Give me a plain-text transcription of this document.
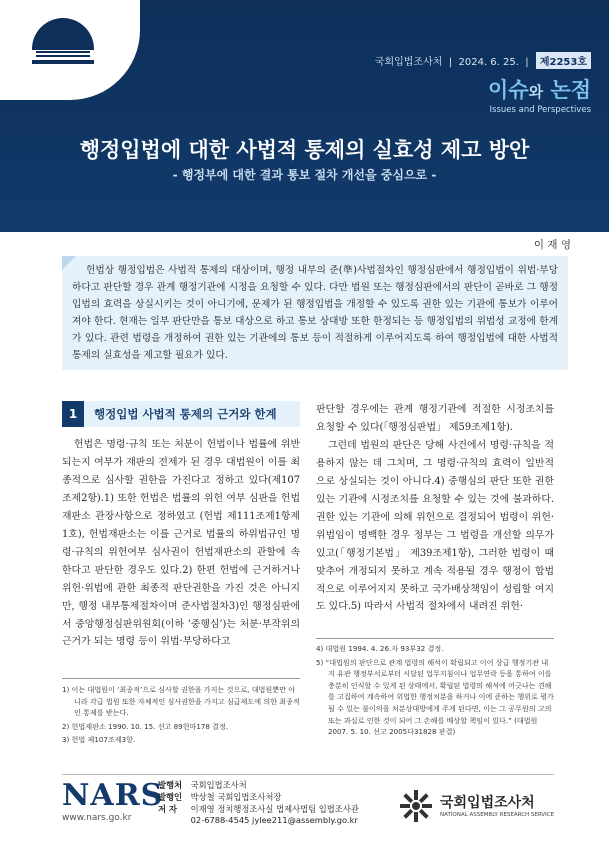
국회입법조사처  |  2024. 6. 25.  | 제2253호
이슈와 논점
Issues and Perspectives
행정입법에 대한 사법적 통제의 실효성 제고 방안
- 행정부에 대한 결과 통보 절차 개선을 중심으로 -
이 재 영
헌법상 행정입법은 사법적 통제의 대상이며, 행정 내부의 준(準)사법절차인 행정심판에서 행정입법이 위법·부당하다고 판단할 경우 관계 행정기관에 시정을 요청할 수 있다. 다만 법원 또는 행정심판에서의 판단이 곧바로 그 행정입법의 효력을 상실시키는 것이 아니기에, 문제가 된 행정입법을 개정할 수 있도록 권한 있는 기관에 통보가 이루어져야 한다. 현재는 일부 판단만을 통보 대상으로 하고 통보 상대방 또한 한정되는 등 행정입법의 위법성 교정에 한계가 있다. 관련 법령을 개정하여 권한 있는 기관에의 통보 등이 적절하게 이루어지도록 하여 행정입법에 대한 사법적 통제의 실효성을 제고할 필요가 있다.
1	행정입법 사법적 통제의 근거와 한계
헌법은 명령·규칙 또는 처분이 헌법이나 법률에 위반되는지 여부가 재판의 전제가 된 경우 대법원이 이를 최종적으로 심사할 권한을 가진다고 정하고 있다(제107조제2항).1) 또한 헌법은 법률의 위헌 여부 심판을 헌법재판소 관장사항으로 정하였고 (헌법 제111조제1항제1호), 헌법재판소는 이를 근거로 법률의 하위법규인 명령·규칙의 위헌여부 심사권이 헌법재판소의 관할에 속한다고 판단한 경우도 있다.2) 한편 헌법에 근거하거나 위헌·위법에 관한 최종적 판단권한을 가진 것은 아니지만, 행정 내부통제절차이며 준사법절차3)인 행정심판에서 중앙행정심판위원회(이하 ‘중행심’)는 처분·부작위의 근거가 되는 명령 등이 위법·부당하다고

판단할 경우에는 관계 행정기관에 적절한 시정조치를 요청할 수 있다(「행정심판법」 제59조제1항).

그런데 법원의 판단은 당해 사건에서 명령·규칙을 적용하지 않는 데 그치며, 그 명령·규칙의 효력이 일반적으로 상실되는 것이 아니다.4) 중행심의 판단 또한 권한 있는 기관에 시정조치를 요청할 수 있는 것에 불과하다. 권한 있는 기관에 의해 위헌으로 결정되어 법령이 위헌·위법임이 명백한 경우 정부는 그 법령을 개선할 의무가 있고(「행정기본법」 제39조제1항), 그러한 법령이 때맞추어 개정되지 못하고 계속 적용될 경우 행정이 합법적으로 이루어지지 못하고 국가배상책임이 성립할 여지도 있다.5) 따라서 사법적 절차에서 내려진 위헌·

1) 이는 대법원이 ‘최종적’으로 심사할 권한을 가지는 것으로, 대법원뿐만 아니라 각급 법원 또한 자체적인 심사권한을 가지고 심급제도에 의한 최종적인 통제를 받는다.
2) 헌법재판소 1990. 10. 15. 선고 89헌마178 결정.
3) 헌법 제107조제3항.
4) 대법원 1994. 4. 26.자 93부32 결정.
5) “대법원의 판단으로 관계 법령의 해석이 확립되고 이어 상급 행정기관 내지 유관 행정부서로부터 시달된 업무지침이나 업무연락 등을 통하여 이를 충분히 인식할 수 있게 된 상태에서, 확립된 법령의 해석에 어긋나는 견해를 고집하여 계속하여 위법한 행정처분을 하거나 이에 준하는 행위로 평가될 수 있는 불이익을 처분상대방에게 주게 된다면, 이는 그 공무원의 고의 또는 과실로 인한 것이 되어 그 손해를 배상할 책임이 있다.” (대법원 2007. 5. 10. 선고 2005다31828 판결)
NARS
www.nars.go.kr
발행처 국회입법조사처
발행인 박상철 국회입법조사처장
저 자 이재영 정치행정조사실 법제사법팀 입법조사관
02-6788-4545 jylee211@assembly.go.kr
국회입법조사처
NATIONAL ASSEMBLY RESEARCH SERVICE
